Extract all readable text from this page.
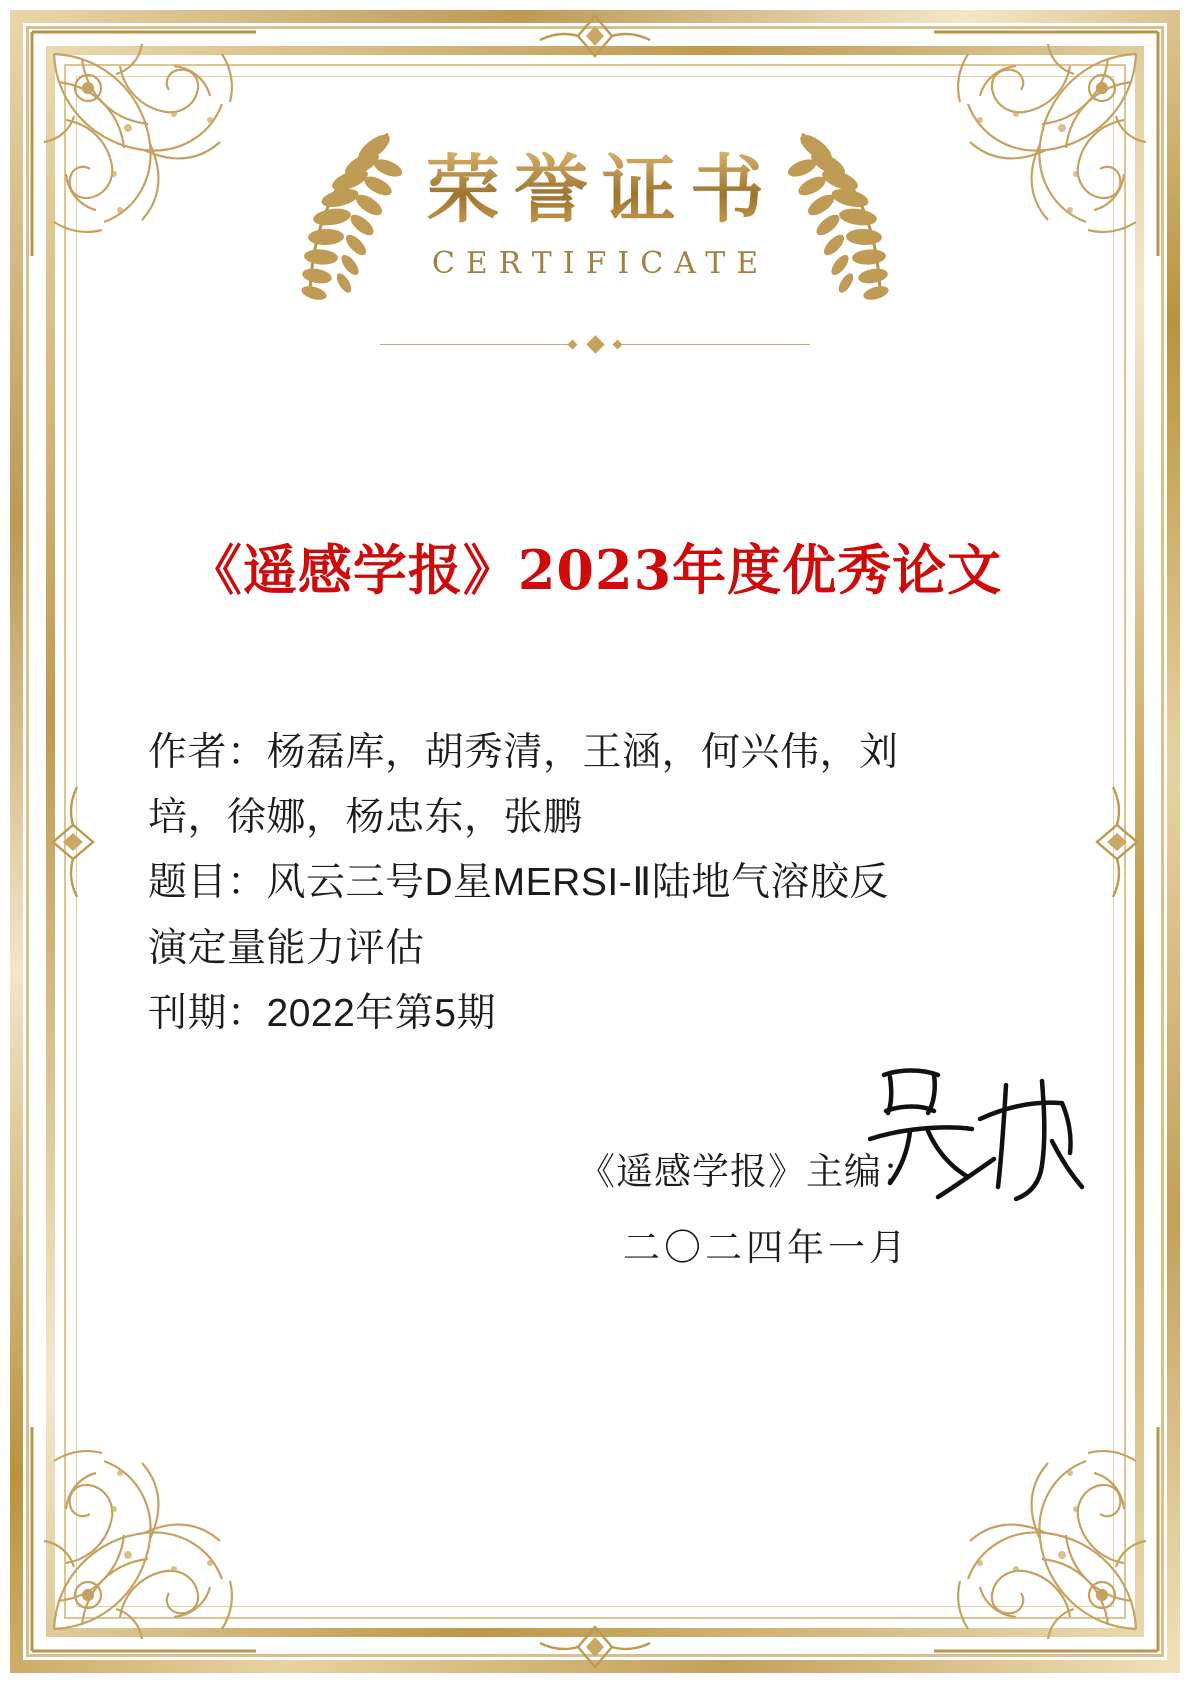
荣誉证书
CERTIFICATE
《遥感学报》2023年度优秀论文

作者：杨磊库，胡秀清，王涵，何兴伟，刘

培，徐娜，杨忠东，张鹏

题目：风云三号D星MERSI-Ⅱ陆地气溶胶反

演定量能力评估

刊期：2022年第5期

《遥感学报》主编：
二〇二四年一月
